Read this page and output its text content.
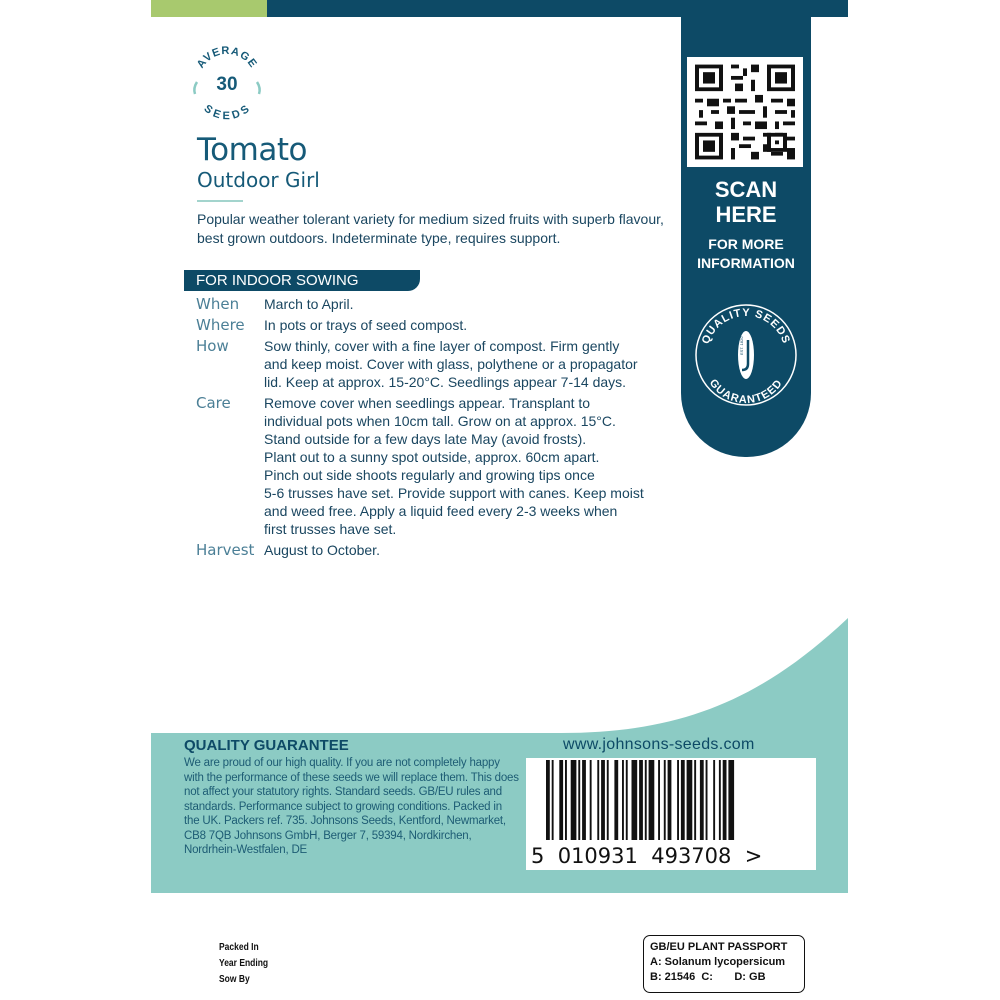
AVERAGE
30
SEEDS
Tomato
Outdoor Girl
Popular weather tolerant variety for medium sized fruits with superb flavour, best grown outdoors. Indeterminate type, requires support.
FOR INDOOR SOWING
When	March to April.
Where	In pots or trays of seed compost.
How	Sow thinly, cover with a fine layer of compost. Firm gently
and keep moist. Cover with glass, polythene or a propagator
lid. Keep at approx. 15-20°C. Seedlings appear 7-14 days.
Care	Remove cover when seedlings appear. Transplant to
individual pots when 10cm tall. Grow on at approx. 15°C.
Stand outside for a few days late May (avoid frosts).
Plant out to a sunny spot outside, approx. 60cm apart.
Pinch out side shoots regularly and growing tips once
5-6 trusses have set. Provide support with canes. Keep moist
and weed free. Apply a liquid feed every 2-3 weeks when
first trusses have set.
Harvest August to October.
SCAN
HERE
FOR MORE
INFORMATION
QUALITY SEEDS
GUARANTEED
EST. 1820
QUALITY GUARANTEE
We are proud of our high quality. If you are not completely happy with the performance of these seeds we will replace them. This does not affect your statutory rights. Standard seeds. GB/EU rules and standards. Performance subject to growing conditions. Packed in the UK. Packers ref. 735. Johnsons Seeds, Kentford, Newmarket, CB8 7QB Johnsons GmbH, Berger 7, 59394, Nordkirchen, Nordrhein-Westfalen, DE
www.johnsons-seeds.com
5  010931  493708  >
Packed In
Year Ending
Sow By
GB/EU PLANT PASSPORT
A: Solanum lycopersicum
B: 21546  C:       D: GB
